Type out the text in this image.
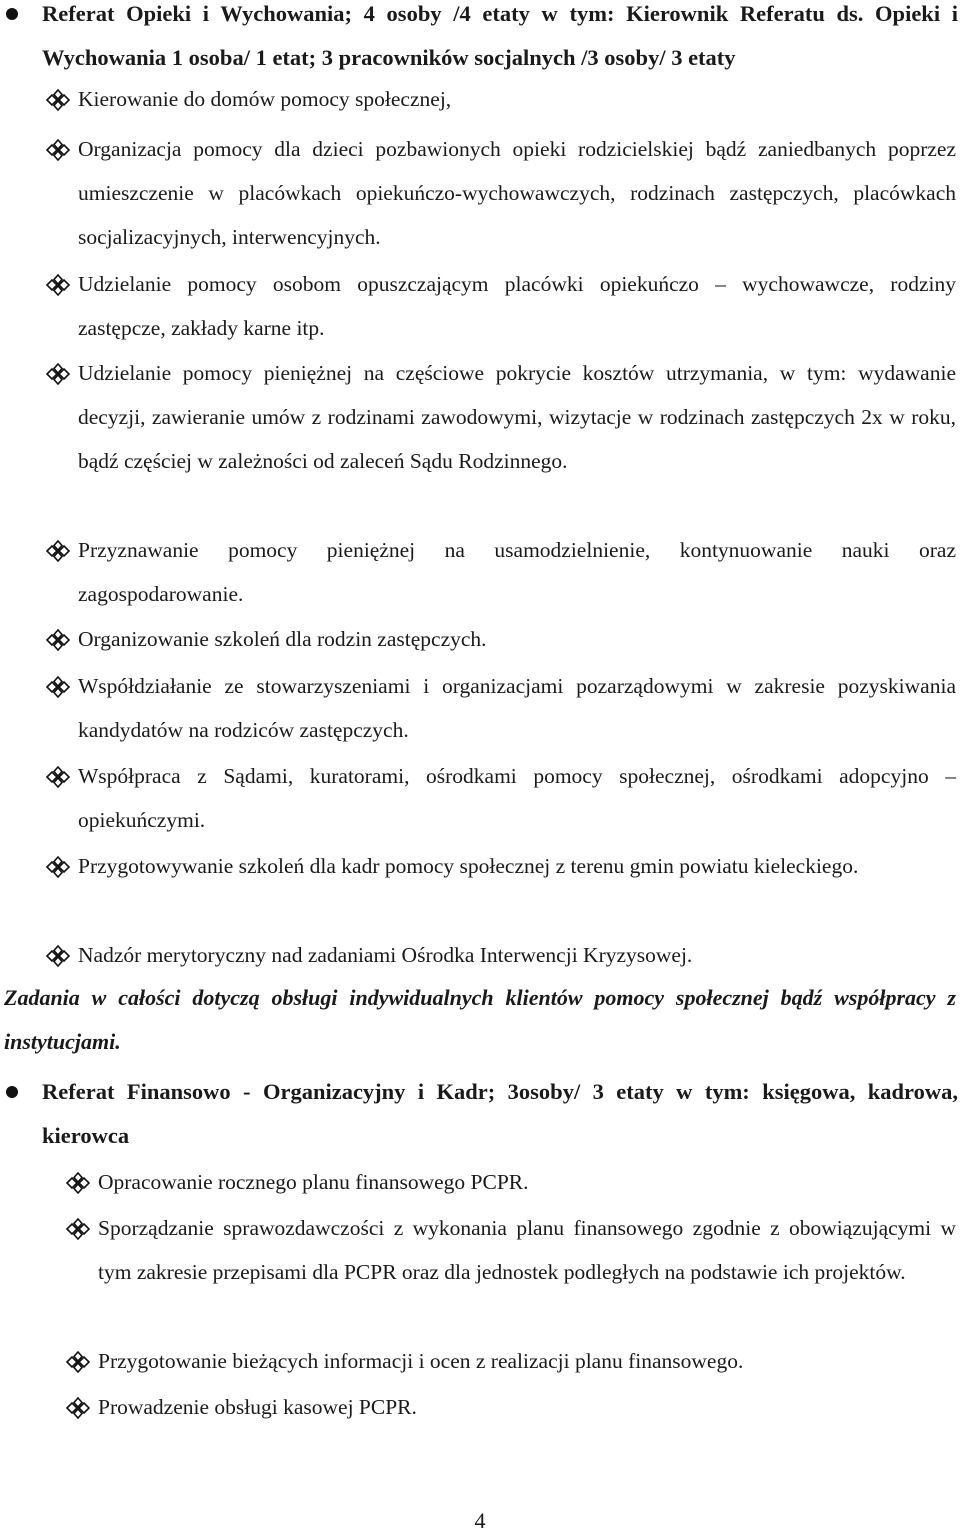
Referat Opieki i Wychowania; 4 osoby /4 etaty w tym: Kierownik Referatu ds. Opieki i Wychowania 1 osoba/ 1 etat; 3 pracowników socjalnych /3 osoby/ 3 etaty
Kierowanie do domów pomocy społecznej,
Organizacja pomocy dla dzieci pozbawionych opieki rodzicielskiej bądź zaniedbanych poprzez umieszczenie w placówkach opiekuńczo-wychowawczych, rodzinach zastępczych, placówkach socjalizacyjnych, interwencyjnych.
Udzielanie pomocy osobom opuszczającym placówki opiekuńczo – wychowawcze, rodziny zastępcze, zakłady karne itp.
Udzielanie pomocy pieniężnej na częściowe pokrycie kosztów utrzymania, w tym: wydawanie decyzji, zawieranie umów z rodzinami zawodowymi, wizytacje w rodzinach zastępczych 2x w roku, bądź częściej w zależności od zaleceń Sądu Rodzinnego.
Przyznawanie pomocy pieniężnej na usamodzielnienie, kontynuowanie nauki oraz zagospodarowanie.
Organizowanie szkoleń dla rodzin zastępczych.
Współdziałanie ze stowarzyszeniami i organizacjami pozarządowymi w zakresie pozyskiwania kandydatów na rodziców zastępczych.
Współpraca z Sądami, kuratorami, ośrodkami pomocy społecznej, ośrodkami adopcyjno – opiekuńczymi.
Przygotowywanie szkoleń dla kadr pomocy społecznej z terenu gmin powiatu kieleckiego.
Nadzór merytoryczny nad zadaniami Ośrodka Interwencji Kryzysowej.
Zadania w całości dotyczą obsługi indywidualnych klientów pomocy społecznej bądź współpracy z instytucjami.
Referat Finansowo - Organizacyjny i Kadr; 3osoby/ 3 etaty w tym: księgowa, kadrowa, kierowca
Opracowanie rocznego planu finansowego PCPR.
Sporządzanie sprawozdawczości z wykonania planu finansowego zgodnie z obowiązującymi w tym zakresie przepisami dla PCPR oraz dla jednostek podległych na podstawie ich projektów.
Przygotowanie bieżących informacji i ocen z realizacji planu finansowego.
Prowadzenie obsługi kasowej PCPR.
4
